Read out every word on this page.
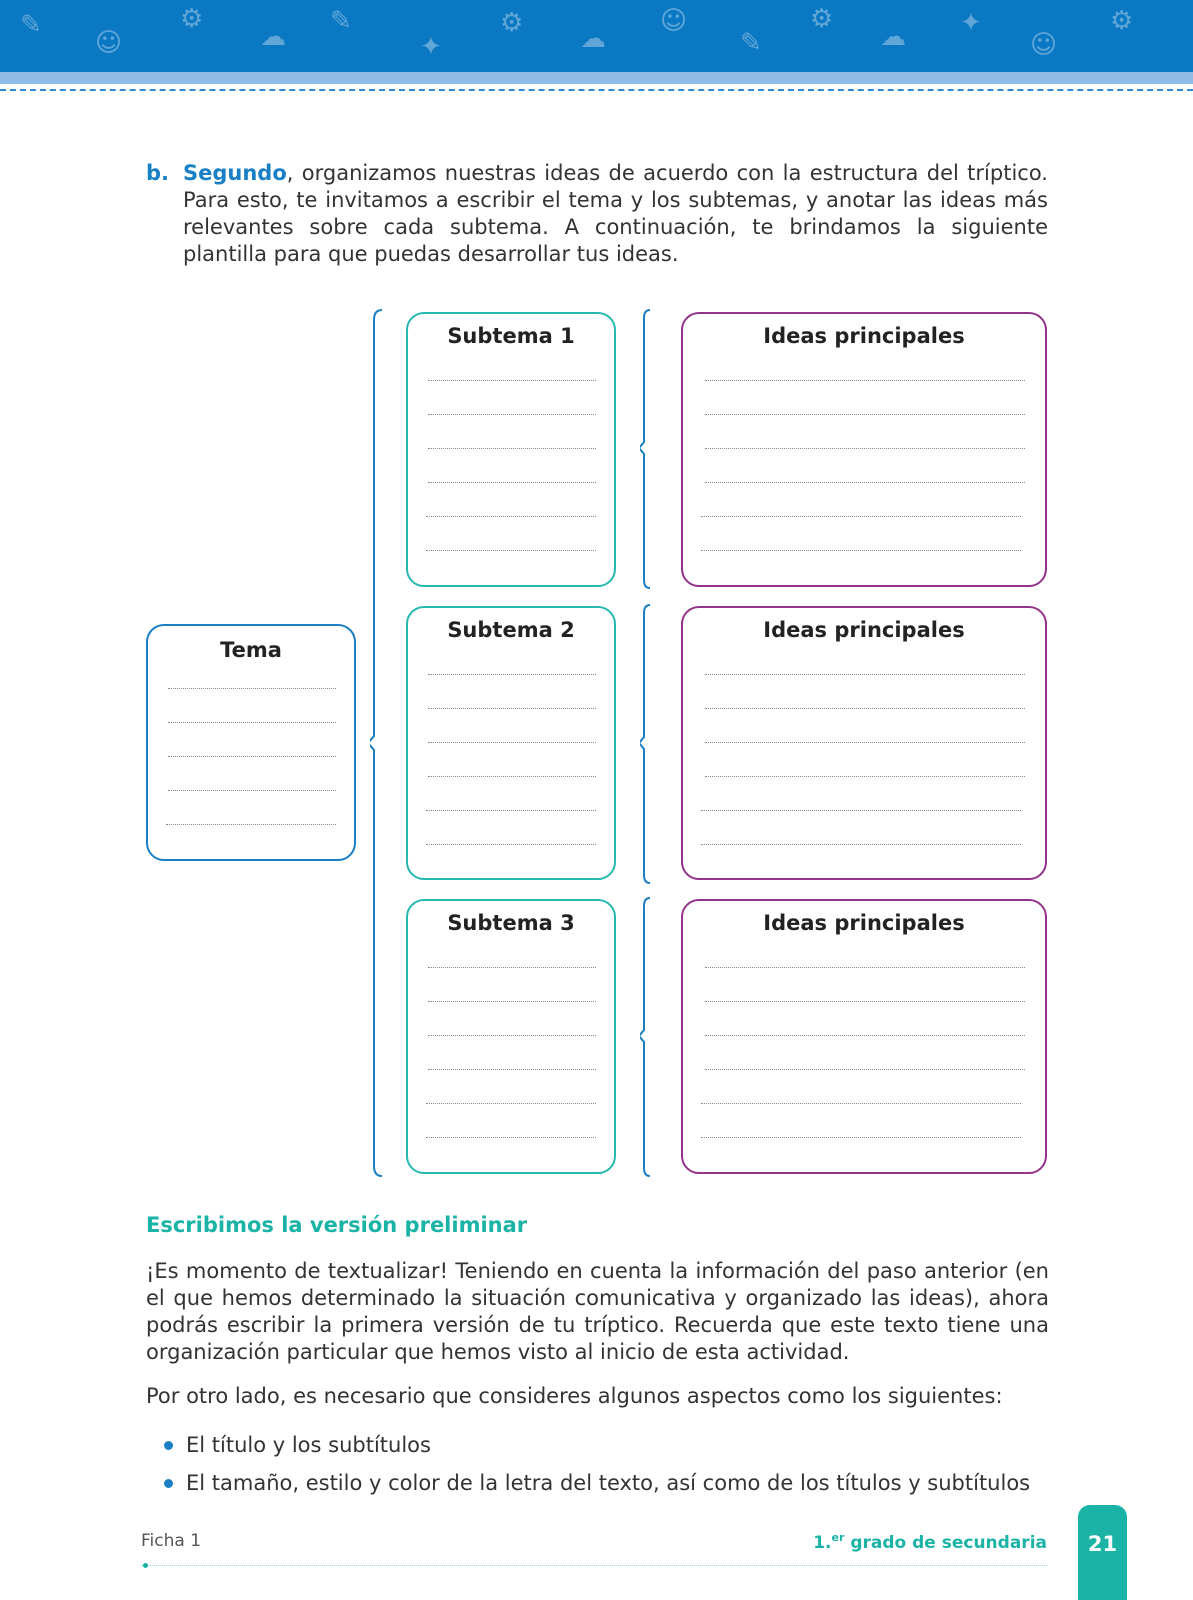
✎
☺
⚙
☁
✎
✦
⚙
☁
☺
✎
⚙
☁ ✦
☺
⚙
b. Segundo, organizamos nuestras ideas de acuerdo con la estructura del tríptico. Para esto, te invitamos a escribir el tema y los subtemas, y anotar las ideas más relevantes sobre cada subtema. A continuación, te brindamos la siguiente plantilla para que puedas desarrollar tus ideas.
Tema
Subtema 1	Ideas principales
Subtema 2	Ideas principales
Subtema 3	Ideas principales
Escribimos la versión preliminar
¡Es momento de textualizar! Teniendo en cuenta la información del paso anterior (en el que hemos determinado la situación comunicativa y organizado las ideas), ahora podrás escribir la primera versión de tu tríptico. Recuerda que este texto tiene una organización particular que hemos visto al inicio de esta actividad.
Por otro lado, es necesario que consideres algunos aspectos como los siguientes:
El título y los subtítulos
El tamaño, estilo y color de la letra del texto, así como de los títulos y subtítulos
Ficha 1	1.$^{er}$ grado de secundaria	21
